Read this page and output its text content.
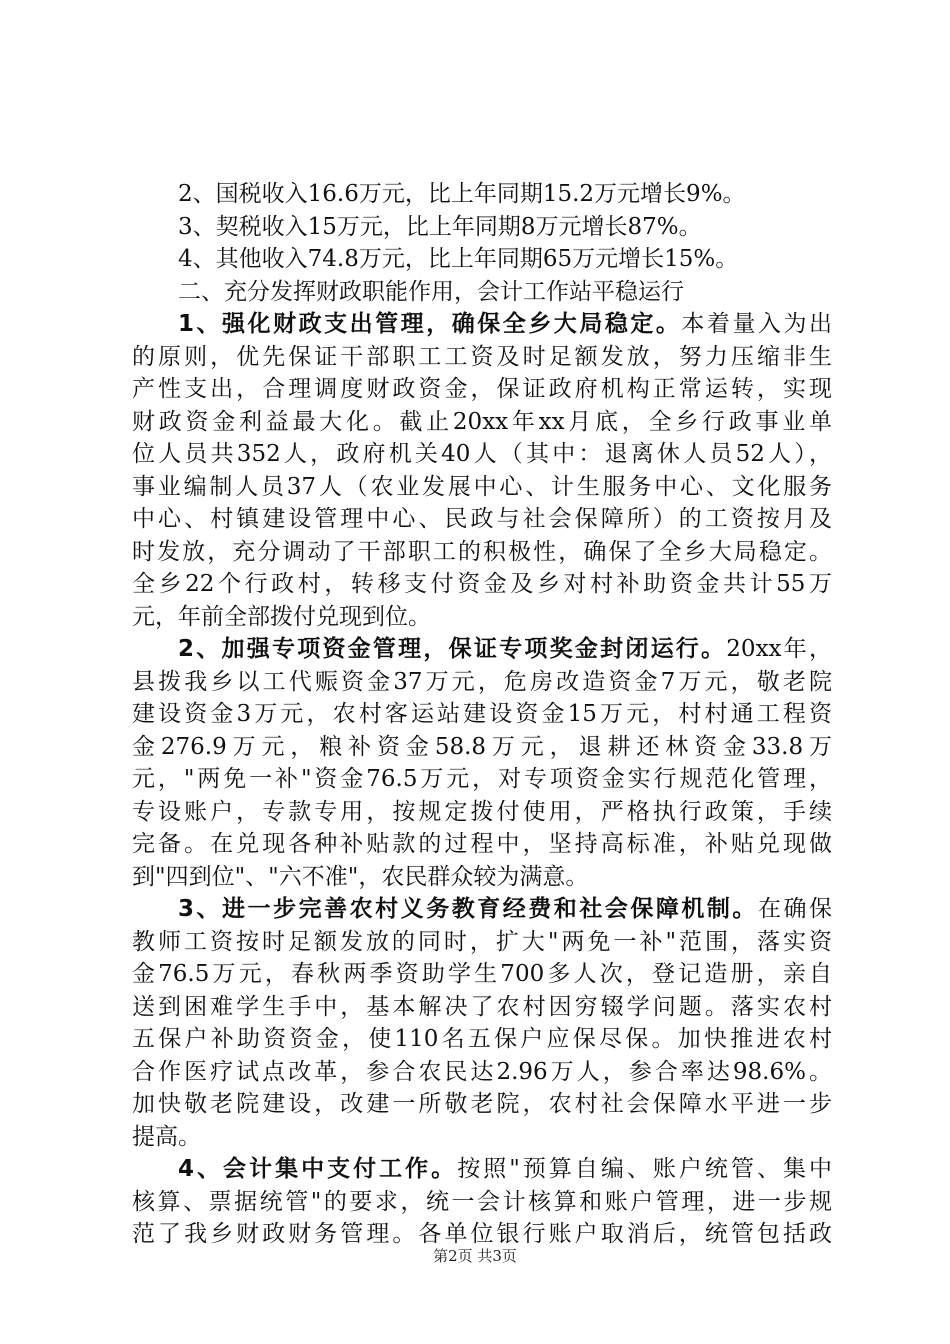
2、国税收入16.6万元，比上年同期15.2万元增长9%。
3、契税收入15万元，比上年同期8万元增长87%。
4、其他收入74.8万元，比上年同期65万元增长15%。
二、充分发挥财政职能作用，会计工作站平稳运行
1、强化财政支出管理，确保全乡大局稳定。本着量入为出
的原则，优先保证干部职工工资及时足额发放，努力压缩非生
产性支出，合理调度财政资金，保证政府机构正常运转，实现
财政资金利益最大化。截止20xx年xx月底，全乡行政事业单
位人员共352人，政府机关40人（其中：退离休人员52人），
事业编制人员37人（农业发展中心、计生服务中心、文化服务
中心、村镇建设管理中心、民政与社会保障所）的工资按月及
时发放，充分调动了干部职工的积极性，确保了全乡大局稳定。
全乡22个行政村，转移支付资金及乡对村补助资金共计55万
元，年前全部拨付兑现到位。
2、加强专项资金管理，保证专项奖金封闭运行。20xx年，
县拨我乡以工代赈资金37万元，危房改造资金7万元，敬老院
建设资金3万元，农村客运站建设资金15万元，村村通工程资
金276.9万元，粮补资金58.8万元，退耕还林资金33.8万
元，"两免一补"资金76.5万元，对专项资金实行规范化管理，
专设账户，专款专用，按规定拨付使用，严格执行政策，手续
完备。在兑现各种补贴款的过程中，坚持高标准，补贴兑现做
到"四到位"、"六不准"，农民群众较为满意。
3、进一步完善农村义务教育经费和社会保障机制。在确保
教师工资按时足额发放的同时，扩大"两免一补"范围，落实资
金76.5万元，春秋两季资助学生700多人次，登记造册，亲自
送到困难学生手中，基本解决了农村因穷辍学问题。落实农村
五保户补助资资金，使110名五保户应保尽保。加快推进农村
合作医疗试点改革，参合农民达2.96万人，参合率达98.6%。
加快敬老院建设，改建一所敬老院，农村社会保障水平进一步
提高。
4、会计集中支付工作。按照"预算自编、账户统管、集中
核算、票据统管"的要求，统一会计核算和账户管理，进一步规
范了我乡财政财务管理。各单位银行账户取消后，统管包括政
第2页 共3页
